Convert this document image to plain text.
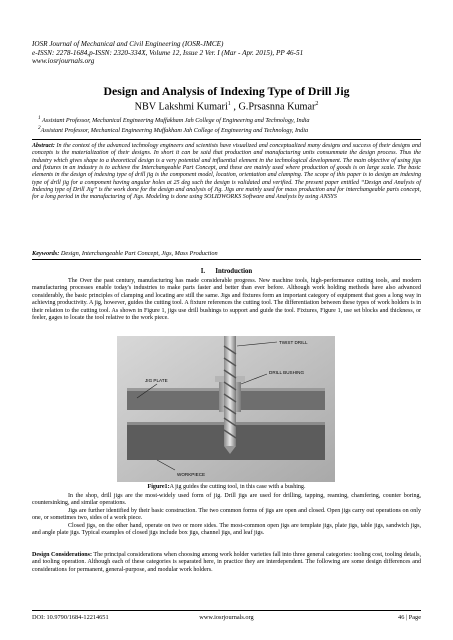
IOSR Journal of Mechanical and Civil Engineering (IOSR-JMCE)
e-ISSN: 2278-1684,p-ISSN: 2320-334X, Volume 12, Issue 2 Ver. I (Mar - Apr. 2015), PP 46-51
www.iosrjournals.org
Design and Analysis of Indexing Type of Drill Jig
NBV Lakshmi Kumari$^1$ , G.Prsasnna Kumar$^2$
$^1$ Assistant Professor, Mechanical Engineering Muffakham Jah College of Engineering and Technology, India
$^2$Assistant Professor, Mechanical Engineering Muffakham Jah College of Engineering and Technology, India
Abstract: In the context of the advanced technology engineers and scientists have visualized and conceptualized many designs and success of their designs and concepts is the materialization of their designs. In short it can be said that production and manufacturing units consummate the design process. Thus the industry which gives shape to a theoretical design is a very potential and influential element in the technological development. The main objective of using jigs and fixtures in an industry is to achieve the Interchangeable Part Concept, and these are mainly used where production of goods is on large scale. The basic elements in the design of indexing type of drill jig is the component model, location, orientation and clamping. The scope of this paper is to design an indexing type of drill jig for a component having angular holes at 25 deg such the design is validated and verified. The present paper entitled “Design and Analysis of Indexing type of Drill Jig” is the work done for the design and analysis of Jig. Jigs are mainly used for mass production and for interchangeable parts concept, for a long period in the manufacturing of Jigs. Modeling is done using SOLIDWORKS Software and Analysis by using ANSYS
Keywords: Design, Interchangeable Part Concept, Jigs, Mass Production
I.      Introduction

The Over the past century, manufacturing has made considerable progress. New machine tools, high-performance cutting tools, and modern manufacturing processes enable today's industries to make parts faster and better than ever before. Although work holding methods have also advanced considerably, the basic principles of clamping and locating are still the same. Jigs and fixtures form an important category of equipment that goes a long way in achieving productivity. A jig, however, guides the cutting tool. A fixture references the cutting tool. The differentiation between these types of work holders is in their relation to the cutting tool. As shown in Figure 1, jigs use drill bushings to support and guide the tool. Fixtures, Figure 1, use set blocks and thickness, or feeler, gages to locate the tool relative to the work piece.

TWIST DRILL
JIG PLATE
DRILL BUSHING
WORKPIECE
Figure1:A jig guides the cutting tool, in this case with a bushing.

In the shop, drill jigs are the most-widely used form of jig. Drill jigs are used for drilling, tapping, reaming, chamfering, counter boring, countersinking, and similar operations.

Jigs are further identified by their basic construction. The two common forms of jigs are open and closed. Open jigs carry out operations on only one, or sometimes two, sides of a work piece.

Closed jigs, on the other hand, operate on two or more sides. The most-common open jigs are template jigs, plate jigs, table jigs, sandwich jigs, and angle plate jigs. Typical examples of closed jigs include box jigs, channel jigs, and leaf jigs.

Design Considerations: The principal considerations when choosing among work holder varieties fall into three general categories: tooling cost, tooling details, and tooling operation. Although each of these categories is separated here, in practice they are interdependent. The following are some design differences and considerations for permanent, general-purpose, and modular work holders.

DOI: 10.9790/1684-12214651	www.iosrjournals.org	46 | Page
